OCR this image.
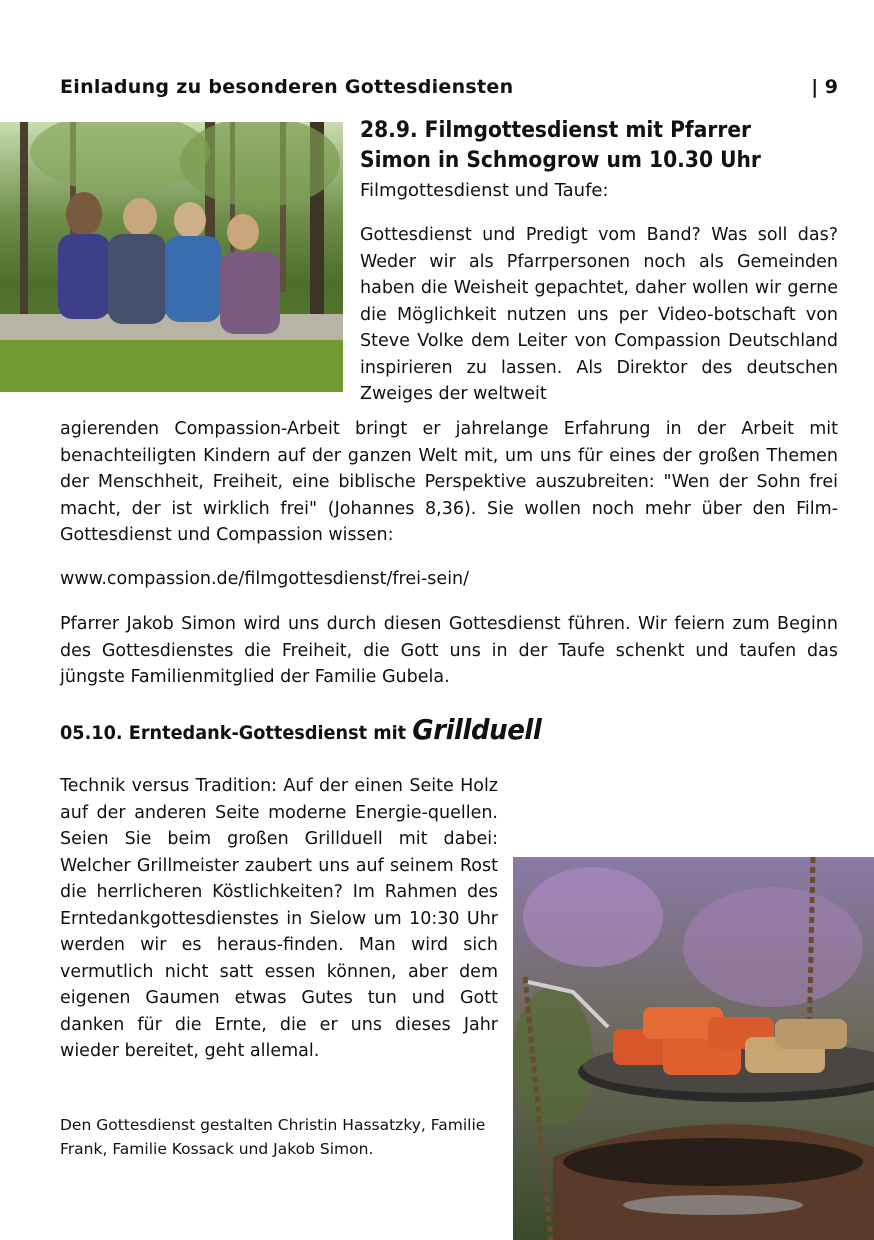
Einladung zu besonderen Gottesdiensten	| 9
28.9. Filmgottesdienst mit Pfarrer Simon in Schmogrow um 10.30 Uhr
Filmgottesdienst und Taufe:
Gottesdienst und Predigt vom Band? Was soll das? Weder wir als Pfarrpersonen noch als Gemeinden haben die Weisheit gepachtet, daher wollen wir gerne die Möglichkeit nutzen uns per Video-botschaft von Steve Volke dem Leiter von Compassion Deutschland inspirieren zu lassen. Als Direktor des deutschen Zweiges der weltweit
agierenden Compassion-Arbeit bringt er jahrelange Erfahrung in der Arbeit mit benachteiligten Kindern auf der ganzen Welt mit, um uns für eines der großen Themen der Menschheit, Freiheit, eine biblische Perspektive auszubreiten: "Wen der Sohn frei macht, der ist wirklich frei" (Johannes 8,36). Sie wollen noch mehr über den Film-Gottesdienst und Compassion wissen:
www.compassion.de/filmgottesdienst/frei-sein/
Pfarrer Jakob Simon wird uns durch diesen Gottesdienst führen. Wir feiern zum Beginn des Gottesdienstes die Freiheit, die Gott uns in der Taufe schenkt und taufen das jüngste Familienmitglied der Familie Gubela.
05.10. Erntedank-Gottesdienst mit Grillduell
Technik versus Tradition: Auf der einen Seite Holz auf der anderen Seite moderne Energie-quellen. Seien Sie beim großen Grillduell mit dabei: Welcher Grillmeister zaubert uns auf seinem Rost die herrlicheren Köstlichkeiten? Im Rahmen des Erntedankgottesdienstes in Sielow um 10:30 Uhr werden wir es heraus-finden. Man wird sich vermutlich nicht satt essen können, aber dem eigenen Gaumen etwas Gutes tun und Gott danken für die Ernte, die er uns dieses Jahr wieder bereitet, geht allemal.
Den Gottesdienst gestalten Christin Hassatzky, Familie Frank, Familie Kossack und Jakob Simon.
